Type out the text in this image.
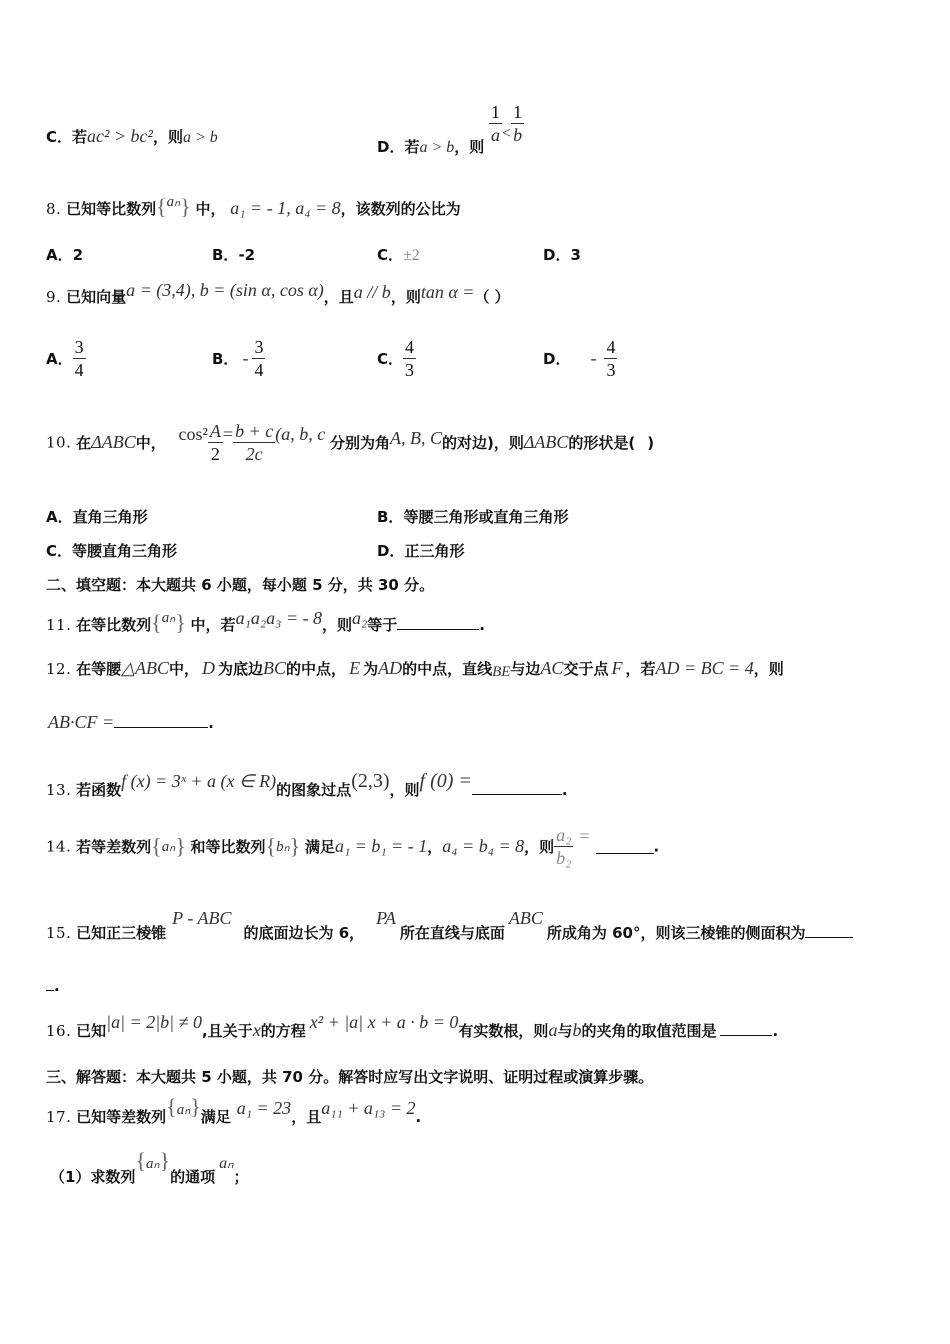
C．若ac² > bc²，则a > b	D．若a > b，则
$\frac{1}{a} < \frac{1}{b}$
8. 已知等比数列{aₙ} 中， a₁ = - 1, a₄ = 8，该数列的公比为
A．2	B．-2	C．±2	D．3
9. 已知向量a = (3,4), b = (sin α, cos α)，且a // b，则tan α =（ ）
A． $\frac{3}{4}$	B． - $\frac{3}{4}$	C． $\frac{4}{3}$	D． - $\frac{4}{3}$
10. 在ΔABC中， $\cos^2 \frac{A}{2} = \frac{b + c}{2c} (a$, b, c 分别为角A, B, C的对边)，则ΔABC的形状是( )
A．直角三角形	B．等腰三角形或直角三角形
C．等腰直角三角形	D．正三角形
二、填空题：本大题共 6 小题，每小题 5 分，共 30 分。
11. 在等比数列{aₙ} 中，若a₁a₂a₃ = - 8，则a₂等于	.
12. 在等腰△ABC中， D 为底边BC的中点， E 为AD的中点，直线BE与边AC交于点 F ，若AD = BC = 4，则
AB·CF =	.
13. 若函数f (x) = 3ˣ + a (x ∈ R)的图象过点(2,3)，则f (0) =	.
14. 若等差数列{aₙ} 和等比数列{bₙ} 满足a₁ = b₁ = - 1，a₄ = b₄ = 8，则 $\frac{\text{a₂}}{\text{b₂}}$ =.
15. 已知正三棱锥P - ABC的底面边长为 6，PA所在直线与底面ABC所成角为 60°，则该三棱锥的侧面积为
.
16. 已知|a| = 2|b| ≠ 0,且关于x的方程 x² + |a| x + a · b = 0有实数根，则a与b的夹角的取值范围是	.
三、解答题：本大题共 5 小题，共 70 分。解答时应写出文字说明、证明过程或演算步骤。
17. 已知等差数列{aₙ}满足 a₁ = 23，且a₁₁ + a₁₃ = 2.
（1）求数列{aₙ}的通项aₙ；
